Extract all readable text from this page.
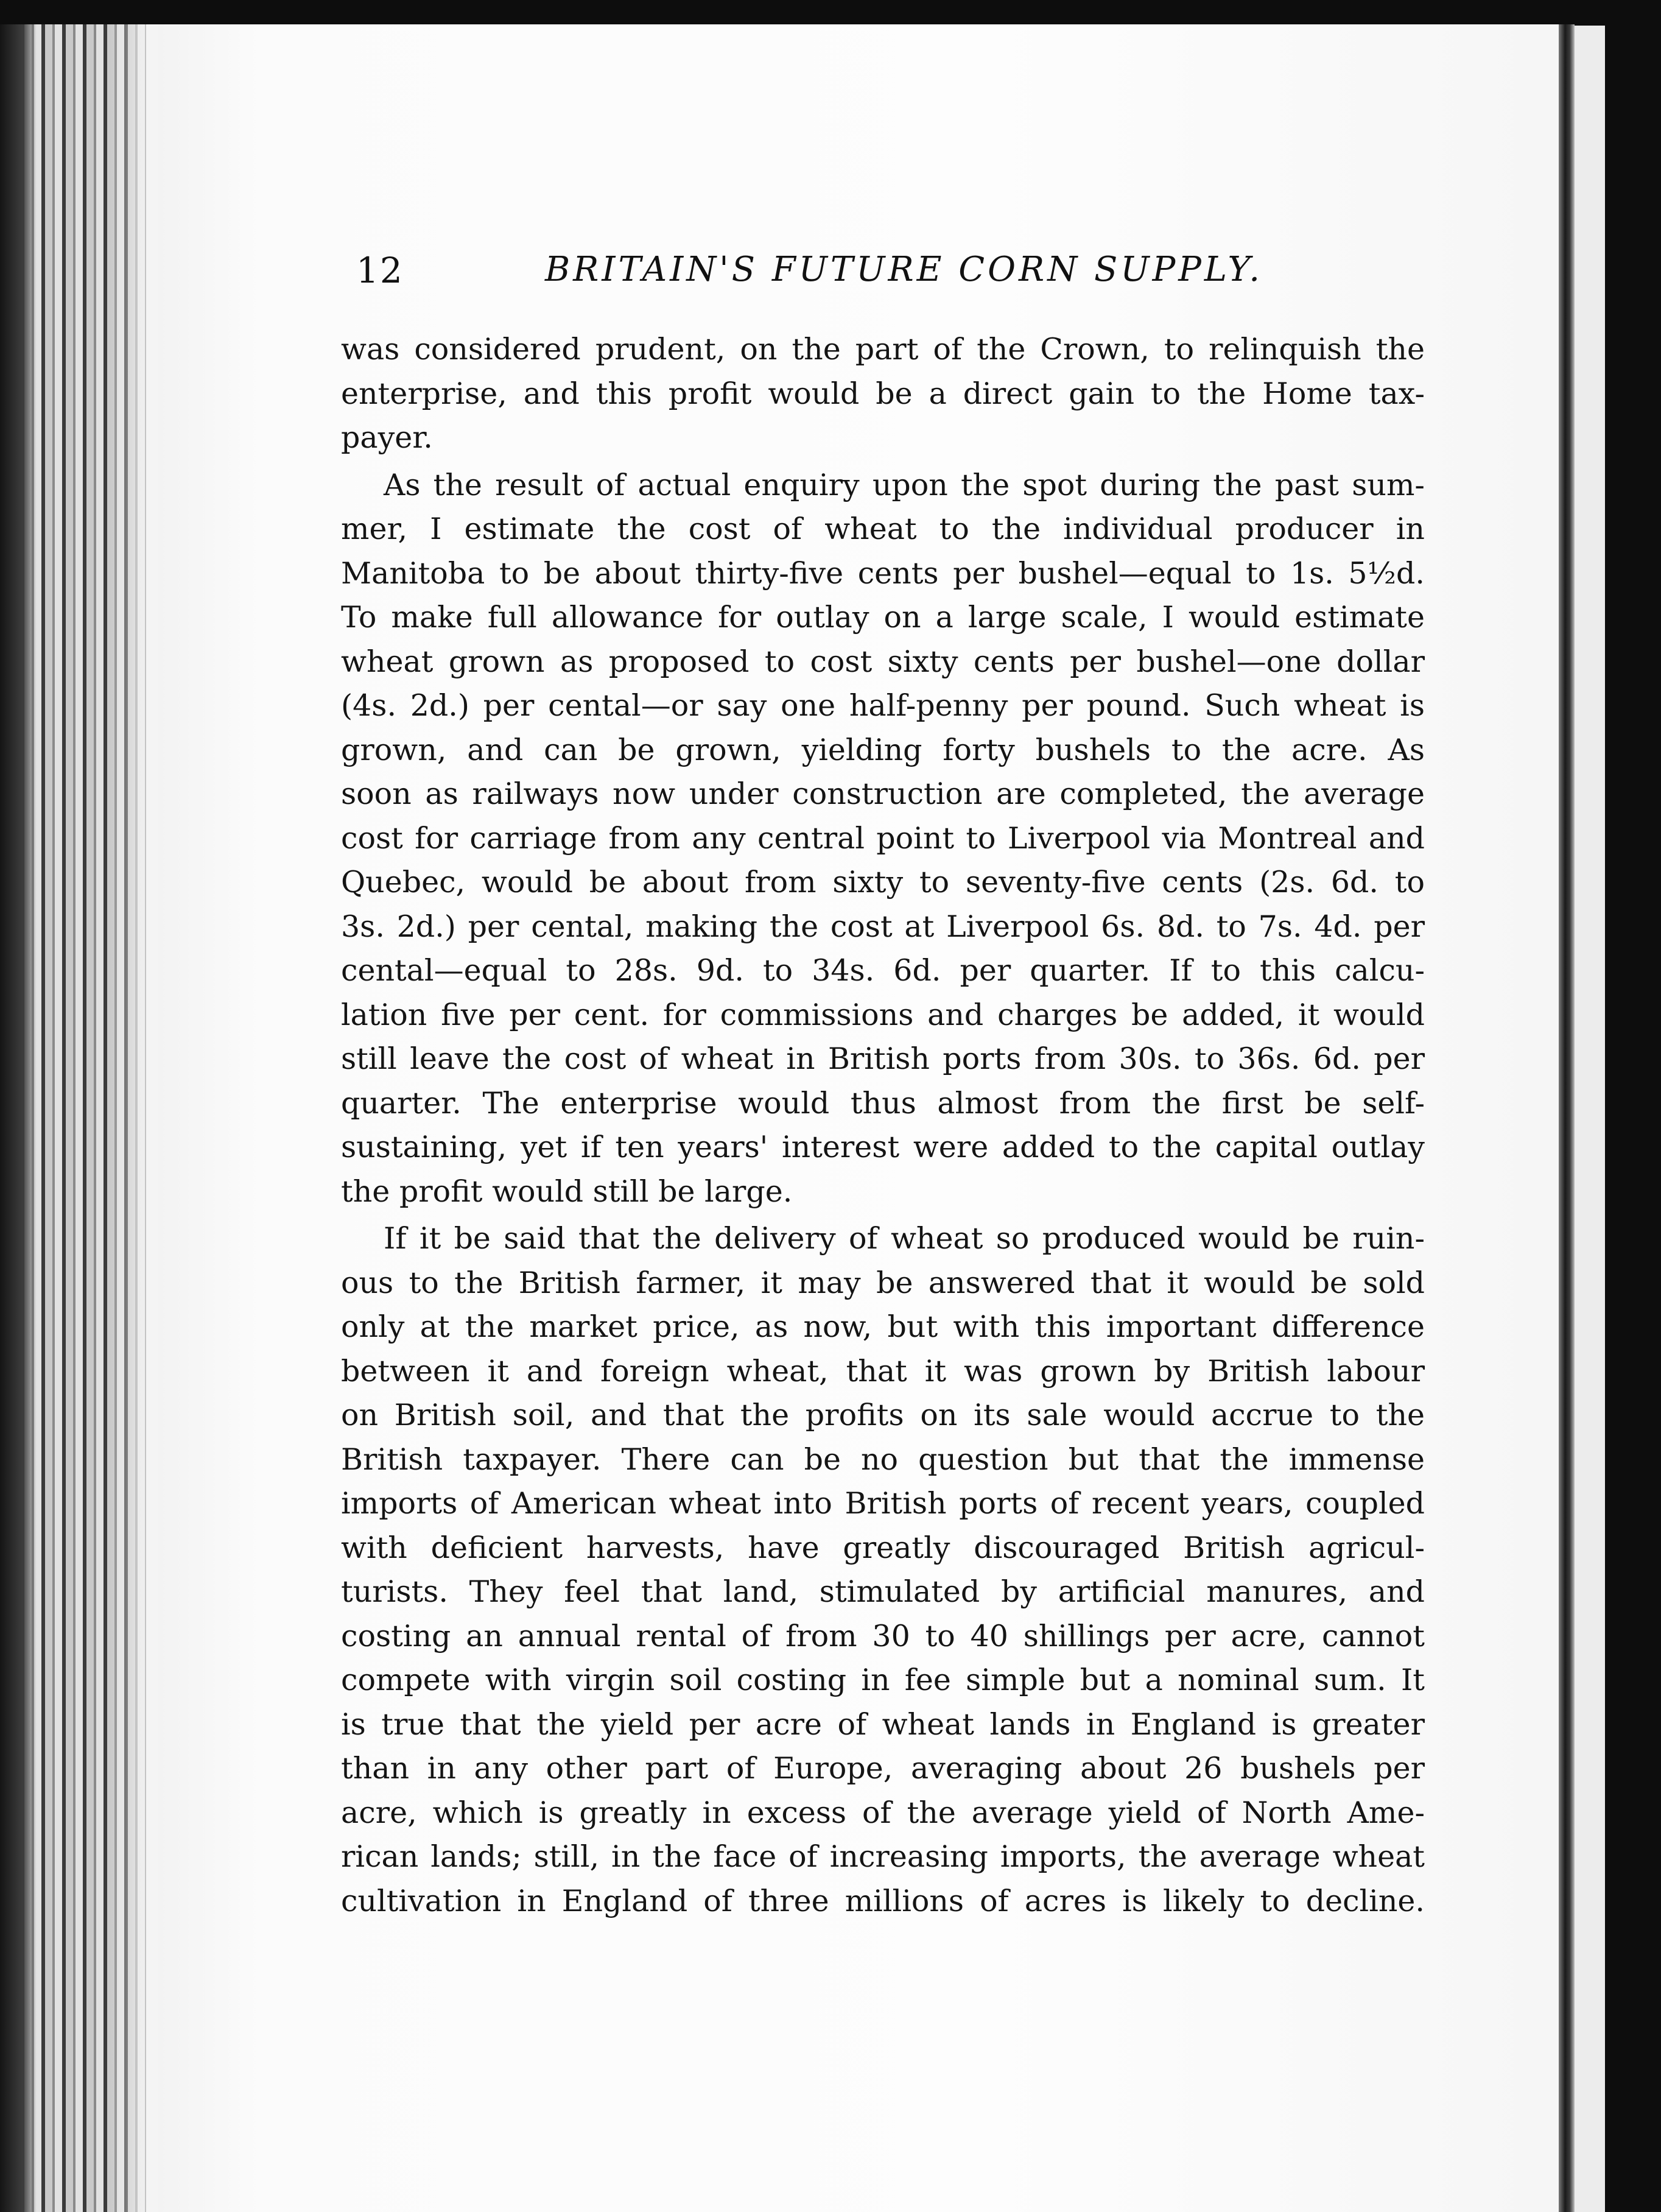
12	BRITAIN'S FUTURE CORN SUPPLY.
was considered prudent, on the part of the Crown, to relinquish the
enterprise, and this profit would be a direct gain to the Home tax-
payer.
As the result of actual enquiry upon the spot during the past sum-
mer, I estimate the cost of wheat to the individual producer in
Manitoba to be about thirty-five cents per bushel—equal to 1s. 5½d.
To make full allowance for outlay on a large scale, I would estimate
wheat grown as proposed to cost sixty cents per bushel—one dollar
(4s. 2d.) per cental—or say one half-penny per pound. Such wheat is
grown, and can be grown, yielding forty bushels to the acre. As
soon as railways now under construction are completed, the average
cost for carriage from any central point to Liverpool via Montreal and
Quebec, would be about from sixty to seventy-five cents (2s. 6d. to
3s. 2d.) per cental, making the cost at Liverpool 6s. 8d. to 7s. 4d. per
cental—equal to 28s. 9d. to 34s. 6d. per quarter. If to this calcu-
lation five per cent. for commissions and charges be added, it would
still leave the cost of wheat in British ports from 30s. to 36s. 6d. per
quarter. The enterprise would thus almost from the first be self-
sustaining, yet if ten years' interest were added to the capital outlay
the profit would still be large.
If it be said that the delivery of wheat so produced would be ruin-
ous to the British farmer, it may be answered that it would be sold
only at the market price, as now, but with this important difference
between it and foreign wheat, that it was grown by British labour
on British soil, and that the profits on its sale would accrue to the
British taxpayer. There can be no question but that the immense
imports of American wheat into British ports of recent years, coupled
with deficient harvests, have greatly discouraged British agricul-
turists. They feel that land, stimulated by artificial manures, and
costing an annual rental of from 30 to 40 shillings per acre, cannot
compete with virgin soil costing in fee simple but a nominal sum. It
is true that the yield per acre of wheat lands in England is greater
than in any other part of Europe, averaging about 26 bushels per
acre, which is greatly in excess of the average yield of North Ame-
rican lands; still, in the face of increasing imports, the average wheat
cultivation in England of three millions of acres is likely to decline.
